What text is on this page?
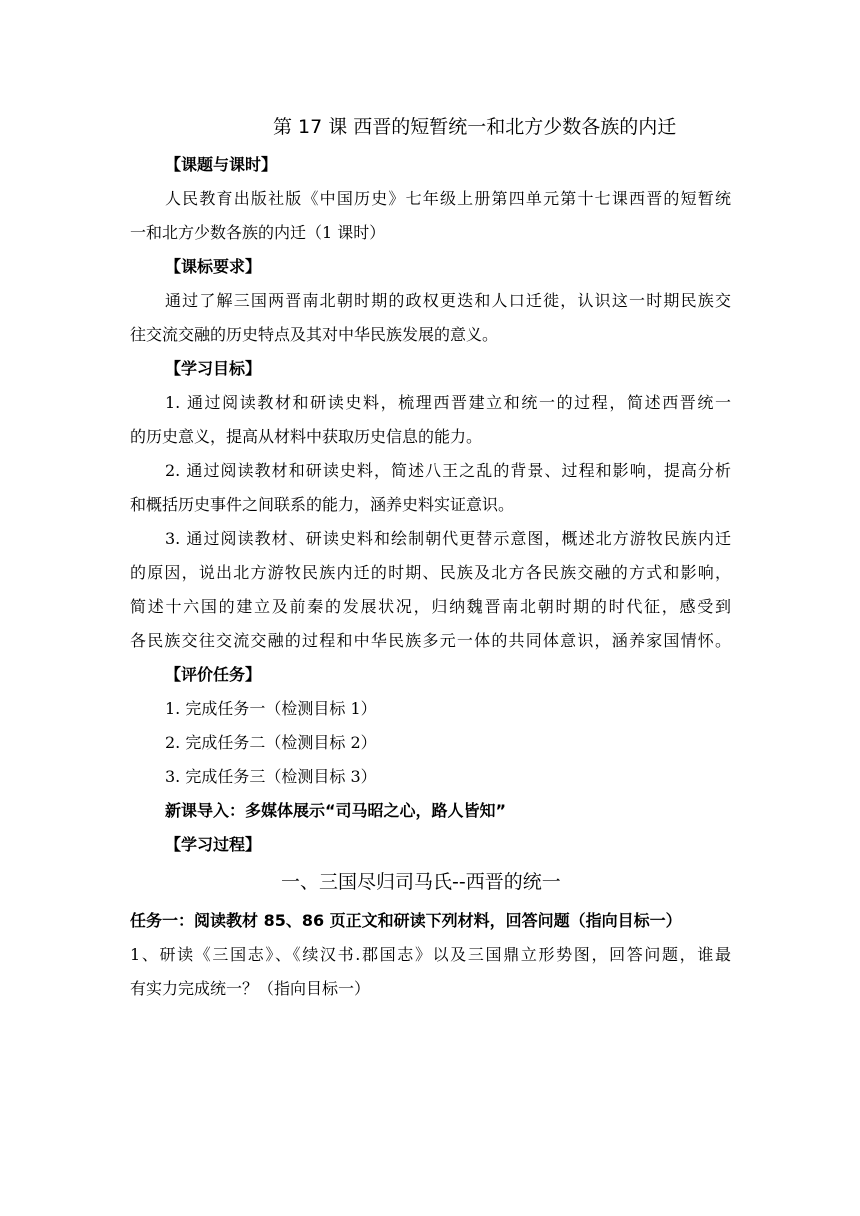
第 17 课 西晋的短暂统一和北方少数各族的内迁
【课题与课时】
人民教育出版社版《中国历史》七年级上册第四单元第十七课西晋的短暂统
一和北方少数各族的内迁（1 课时）
【课标要求】
通过了解三国两晋南北朝时期的政权更迭和人口迁徙，认识这一时期民族交
往交流交融的历史特点及其对中华民族发展的意义。
【学习目标】
1. 通过阅读教材和研读史料，梳理西晋建立和统一的过程，简述西晋统一
的历史意义，提高从材料中获取历史信息的能力。
2. 通过阅读教材和研读史料，简述八王之乱的背景、过程和影响，提高分析
和概括历史事件之间联系的能力，涵养史料实证意识。
3. 通过阅读教材、研读史料和绘制朝代更替示意图，概述北方游牧民族内迁
的原因，说出北方游牧民族内迁的时期、民族及北方各民族交融的方式和影响，
简述十六国的建立及前秦的发展状况，归纳魏晋南北朝时期的时代征，感受到
各民族交往交流交融的过程和中华民族多元一体的共同体意识，涵养家国情怀。
【评价任务】
1. 完成任务一（检测目标 1）
2. 完成任务二（检测目标 2）
3. 完成任务三（检测目标 3）
新课导入：多媒体展示“司马昭之心，路人皆知”
【学习过程】
一、三国尽归司马氏--西晋的统一
任务一：阅读教材 85、86 页正文和研读下列材料，回答问题（指向目标一）
1、研读《三国志》、《续汉书.郡国志》以及三国鼎立形势图，回答问题，谁最
有实力完成统一？（指向目标一）
